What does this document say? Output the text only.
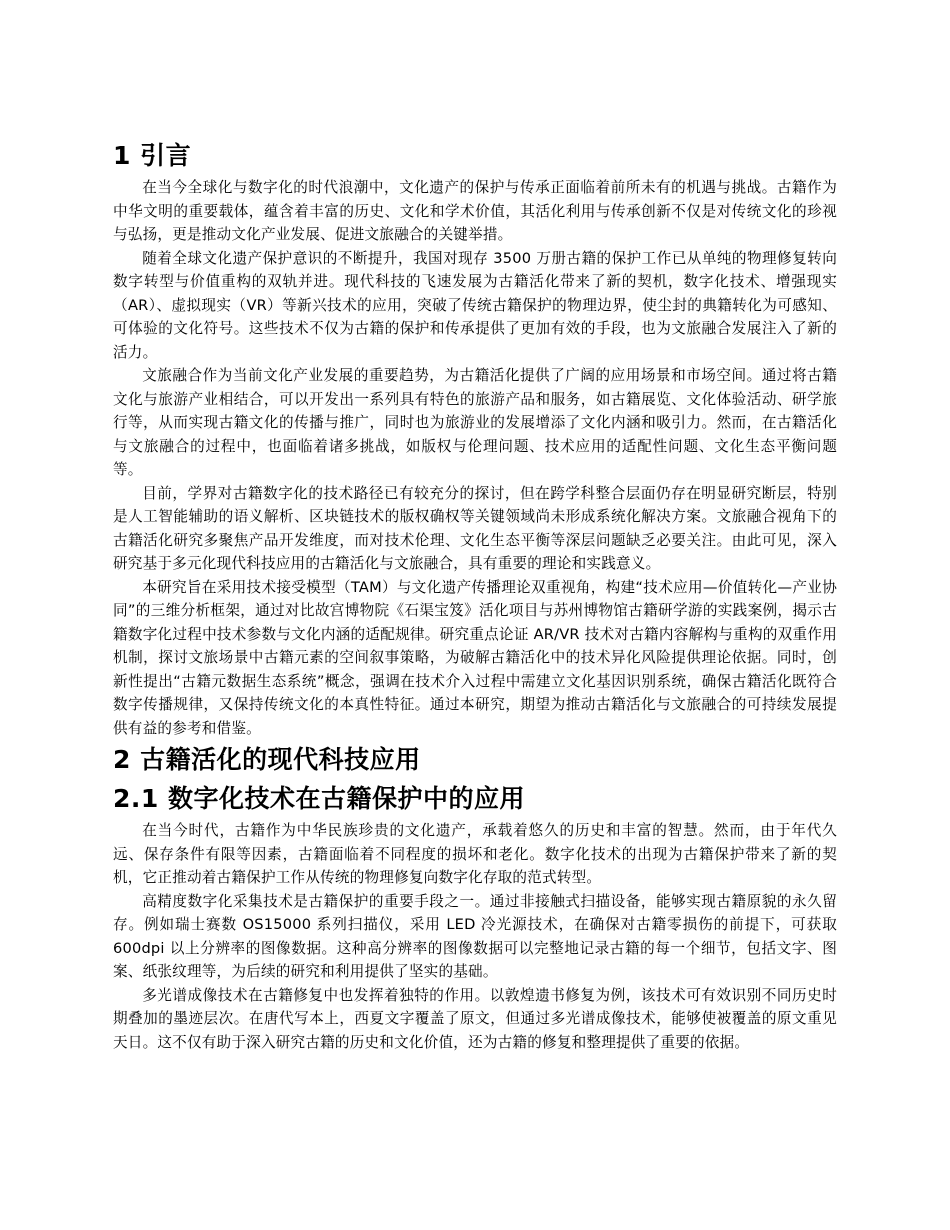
1 引言

在当今全球化与数字化的时代浪潮中，文化遗产的保护与传承正面临着前所未有的机遇与挑战。古籍作为中华文明的重要载体，蕴含着丰富的历史、文化和学术价值，其活化利用与传承创新不仅是对传统文化的珍视与弘扬，更是推动文化产业发展、促进文旅融合的关键举措。

随着全球文化遗产保护意识的不断提升，我国对现存 3500 万册古籍的保护工作已从单纯的物理修复转向数字转型与价值重构的双轨并进。现代科技的飞速发展为古籍活化带来了新的契机，数字化技术、增强现实（AR）、虚拟现实（VR）等新兴技术的应用，突破了传统古籍保护的物理边界，使尘封的典籍转化为可感知、可体验的文化符号。这些技术不仅为古籍的保护和传承提供了更加有效的手段，也为文旅融合发展注入了新的活力。

文旅融合作为当前文化产业发展的重要趋势，为古籍活化提供了广阔的应用场景和市场空间。通过将古籍文化与旅游产业相结合，可以开发出一系列具有特色的旅游产品和服务，如古籍展览、文化体验活动、研学旅行等，从而实现古籍文化的传播与推广，同时也为旅游业的发展增添了文化内涵和吸引力。然而，在古籍活化与文旅融合的过程中，也面临着诸多挑战，如版权与伦理问题、技术应用的适配性问题、文化生态平衡问题等。

目前，学界对古籍数字化的技术路径已有较充分的探讨，但在跨学科整合层面仍存在明显研究断层，特别是人工智能辅助的语义解析、区块链技术的版权确权等关键领域尚未形成系统化解决方案。文旅融合视角下的古籍活化研究多聚焦产品开发维度，而对技术伦理、文化生态平衡等深层问题缺乏必要关注。由此可见，深入研究基于多元化现代科技应用的古籍活化与文旅融合，具有重要的理论和实践意义。

本研究旨在采用技术接受模型（TAM）与文化遗产传播理论双重视角，构建“技术应用—价值转化—产业协同”的三维分析框架，通过对比故宫博物院《石渠宝笈》活化项目与苏州博物馆古籍研学游的实践案例，揭示古籍数字化过程中技术参数与文化内涵的适配规律。研究重点论证 AR/VR 技术对古籍内容解构与重构的双重作用机制，探讨文旅场景中古籍元素的空间叙事策略，为破解古籍活化中的技术异化风险提供理论依据。同时，创新性提出“古籍元数据生态系统”概念，强调在技术介入过程中需建立文化基因识别系统，确保古籍活化既符合数字传播规律，又保持传统文化的本真性特征。通过本研究，期望为推动古籍活化与文旅融合的可持续发展提供有益的参考和借鉴。

2 古籍活化的现代科技应用
2.1 数字化技术在古籍保护中的应用

在当今时代，古籍作为中华民族珍贵的文化遗产，承载着悠久的历史和丰富的智慧。然而，由于年代久远、保存条件有限等因素，古籍面临着不同程度的损坏和老化。数字化技术的出现为古籍保护带来了新的契机，它正推动着古籍保护工作从传统的物理修复向数字化存取的范式转型。

高精度数字化采集技术是古籍保护的重要手段之一。通过非接触式扫描设备，能够实现古籍原貌的永久留存。例如瑞士赛数 OS15000 系列扫描仪，采用 LED 冷光源技术，在确保对古籍零损伤的前提下，可获取 600dpi 以上分辨率的图像数据。这种高分辨率的图像数据可以完整地记录古籍的每一个细节，包括文字、图案、纸张纹理等，为后续的研究和利用提供了坚实的基础。

多光谱成像技术在古籍修复中也发挥着独特的作用。以敦煌遗书修复为例，该技术可有效识别不同历史时期叠加的墨迹层次。在唐代写本上，西夏文字覆盖了原文，但通过多光谱成像技术，能够使被覆盖的原文重见天日。这不仅有助于深入研究古籍的历史和文化价值，还为古籍的修复和整理提供了重要的依据。
